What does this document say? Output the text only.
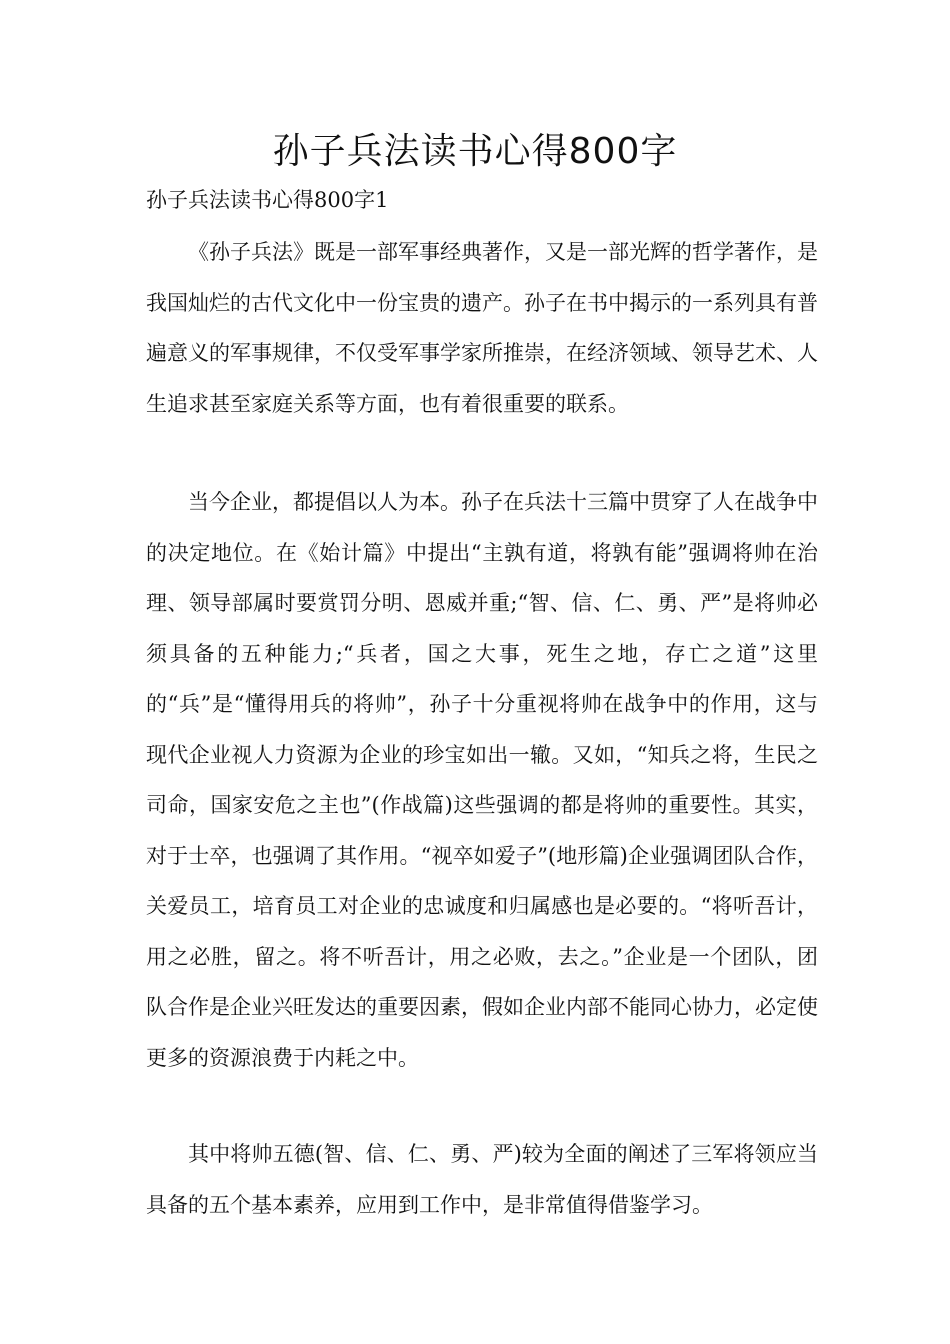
孙子兵法读书心得800字
孙子兵法读书心得800字1

《孙子兵法》既是一部军事经典著作，又是一部光辉的哲学著作，是我国灿烂的古代文化中一份宝贵的遗产。孙子在书中揭示的一系列具有普遍意义的军事规律，不仅受军事学家所推崇，在经济领域、领导艺术、人生追求甚至家庭关系等方面，也有着很重要的联系。

当今企业，都提倡以人为本。孙子在兵法十三篇中贯穿了人在战争中的决定地位。在《始计篇》中提出“主孰有道，将孰有能”强调将帅在治理、领导部属时要赏罚分明、恩威并重;“智、信、仁、勇、严”是将帅必须具备的五种能力;“兵者，国之大事，死生之地，存亡之道”这里的“兵”是“懂得用兵的将帅”，孙子十分重视将帅在战争中的作用，这与现代企业视人力资源为企业的珍宝如出一辙。又如，“知兵之将，生民之司命，国家安危之主也”(作战篇)这些强调的都是将帅的重要性。其实，对于士卒，也强调了其作用。“视卒如爱子”(地形篇)企业强调团队合作，关爱员工，培育员工对企业的忠诚度和归属感也是必要的。“将听吾计，用之必胜，留之。将不听吾计，用之必败，去之。”企业是一个团队，团队合作是企业兴旺发达的重要因素，假如企业内部不能同心协力，必定使更多的资源浪费于内耗之中。

其中将帅五德(智、信、仁、勇、严)较为全面的阐述了三军将领应当具备的五个基本素养，应用到工作中，是非常值得借鉴学习。
